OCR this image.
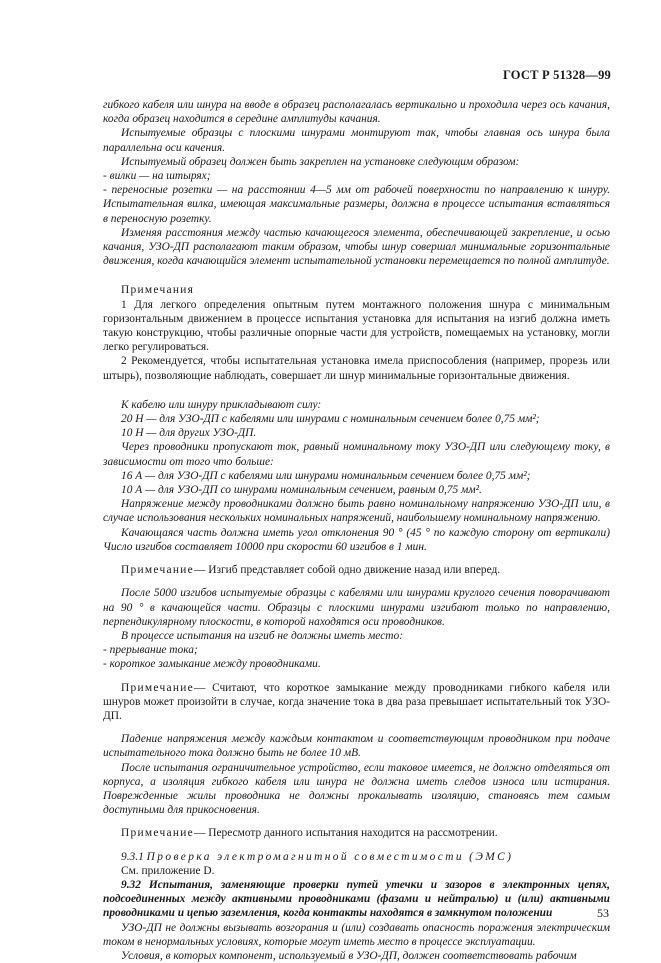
ГОСТ Р 51328—99

гибкого кабеля или шнура на вводе в образец располагалась вертикально и проходила через ось качания, когда образец находится в середине амплитуды качания.

Испытуемые образцы с плоскими шнурами монтируют так, чтобы главная ось шнура была параллельна оси качения.

Испытуемый образец должен быть закреплен на установке следующим образом:

- вилки — на штырях;

- переносные розетки — на расстоянии 4—5 мм от рабочей поверхности по направлению к шнуру. Испытательная вилка, имеющая максимальные размеры, должна в процессе испытания вставляться в переносную розетку.

Изменяя расстояния между частью качающегося элемента, обеспечивающей закрепление, и осью качания, УЗО-ДП располагают таким образом, чтобы шнур совершал минимальные горизонтальные движения, когда качающийся элемент испытательной установки перемещается по полной амплитуде.

Примечания

1 Для легкого определения опытным путем монтажного положения шнура с минимальным горизонтальным движением в процессе испытания установка для испытания на изгиб должна иметь такую конструкцию, чтобы различные опорные части для устройств, помещаемых на установку, могли легко регулироваться.

2 Рекомендуется, чтобы испытательная установка имела приспособления (например, прорезь или штырь), позволяющие наблюдать, совершает ли шнур минимальные горизонтальные движения.

К кабелю или шнуру прикладывают силу:

20 Н — для УЗО-ДП с кабелями или шнурами с номинальным сечением более 0,75 мм²;

10 Н — для других УЗО-ДП.

Через проводники пропускают ток, равный номинальному току УЗО-ДП или следующему току, в зависимости от того что больше:

16 А — для УЗО-ДП с кабелями или шнурами номинальным сечением более 0,75 мм²;

10 А — для УЗО-ДП со шнурами номинальным сечением, равным 0,75 мм².

Напряжение между проводниками должно быть равно номинальному напряжению УЗО-ДП или, в случае использования нескольких номинальных напряжений, наибольшему номинальному напряжению.

Качающаяся часть должна иметь угол отклонения 90 ° (45 ° по каждую сторону от вертикали) Число изгибов составляет 10000 при скорости 60 изгибов в 1 мин.

Примечание— Изгиб представляет собой одно движение назад или вперед.

После 5000 изгибов испытуемые образцы с кабелями или шнурами круглого сечения поворачивают на 90 ° в качающейся части. Образцы с плоскими шнурами изгибают только по направлению, перпендикулярному плоскости, в которой находятся оси проводников.

В процессе испытания на изгиб не должны иметь место:

- прерывание тока;

- короткое замыкание между проводниками.

Примечание— Считают, что короткое замыкание между проводниками гибкого кабеля или шнуров может произойти в случае, когда значение тока в два раза превышает испытательный ток УЗО-ДП.

Падение напряжения между каждым контактом и соответствующим проводником при подаче испытательного тока должно быть не более 10 мВ.

После испытания ограничительное устройство, если таковое имеется, не должно отделяться от корпуса, а изоляция гибкого кабеля или шнура не должна иметь следов износа или истирания. Поврежденные жилы проводника не должны прокалывать изоляцию, становясь тем самым доступными для прикосновения.

Примечание— Пересмотр данного испытания находится на рассмотрении.

9.3.1 Проверка электромагнитной совместимости (ЭМС)

См. приложение D.

9.32 Испытания, заменяющие проверки путей утечки и зазоров в электронных цепях, подсоединенных между активными проводниками (фазами и нейтралью) и (или) активными проводниками и цепью заземления, когда контакты находятся в замкнутом положении

УЗО-ДП не должны вызывать возгорания и (или) создавать опасность поражения электрическим током в ненормальных условиях, которые могут иметь место в процессе эксплуатации.

Условия, в которых компонент, используемый в УЗО-ДП, должен соответствовать рабочим

53
